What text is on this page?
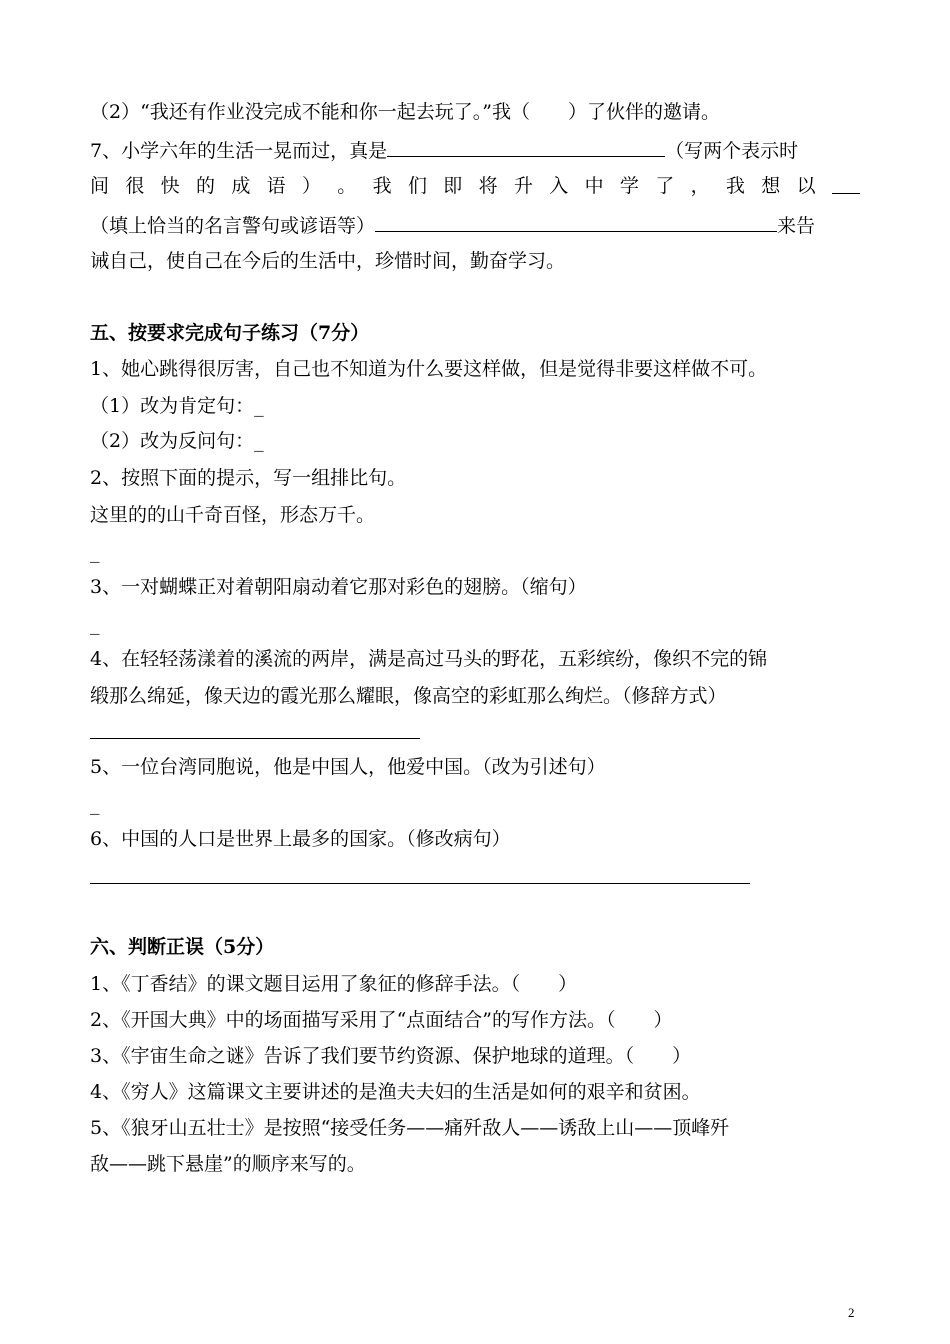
（2）“我还有作业没完成不能和你一起去玩了。”我（　　）了伙伴的邀请。
7、小学六年的生活一晃而过，真是	（写两个表示时
间 很 快 的 成 语 ） 。 我 们 即 将 升 入 中 学 了 ， 我 想 以
（填上恰当的名言警句或谚语等）	来告
诫自己，使自己在今后的生活中，珍惜时间，勤奋学习。
五、按要求完成句子练习（7分）
1、她心跳得很厉害，自己也不知道为什么要这样做，但是觉得非要这样做不可。
（1）改为肯定句：_
（2）改为反问句：_
2、按照下面的提示，写一组排比句。
这里的的山千奇百怪，形态万千。
_
3、一对蝴蝶正对着朝阳扇动着它那对彩色的翅膀。（缩句）
_
4、在轻轻荡漾着的溪流的两岸，满是高过马头的野花，五彩缤纷，像织不完的锦
缎那么绵延，像天边的霞光那么耀眼，像高空的彩虹那么绚烂。（修辞方式）
5、一位台湾同胞说，他是中国人，他爱中国。（改为引述句）
_
6、中国的人口是世界上最多的国家。（修改病句）
六、判断正误（5分）
1、《丁香结》的课文题目运用了象征的修辞手法。（　　）
2、《开国大典》中的场面描写采用了“点面结合”的写作方法。（　　）
3、《宇宙生命之谜》告诉了我们要节约资源、保护地球的道理。（　　）
4、《穷人》这篇课文主要讲述的是渔夫夫妇的生活是如何的艰辛和贫困。
5、《狼牙山五壮士》是按照“接受任务——痛歼敌人——诱敌上山——顶峰歼
敌——跳下悬崖”的顺序来写的。
2
